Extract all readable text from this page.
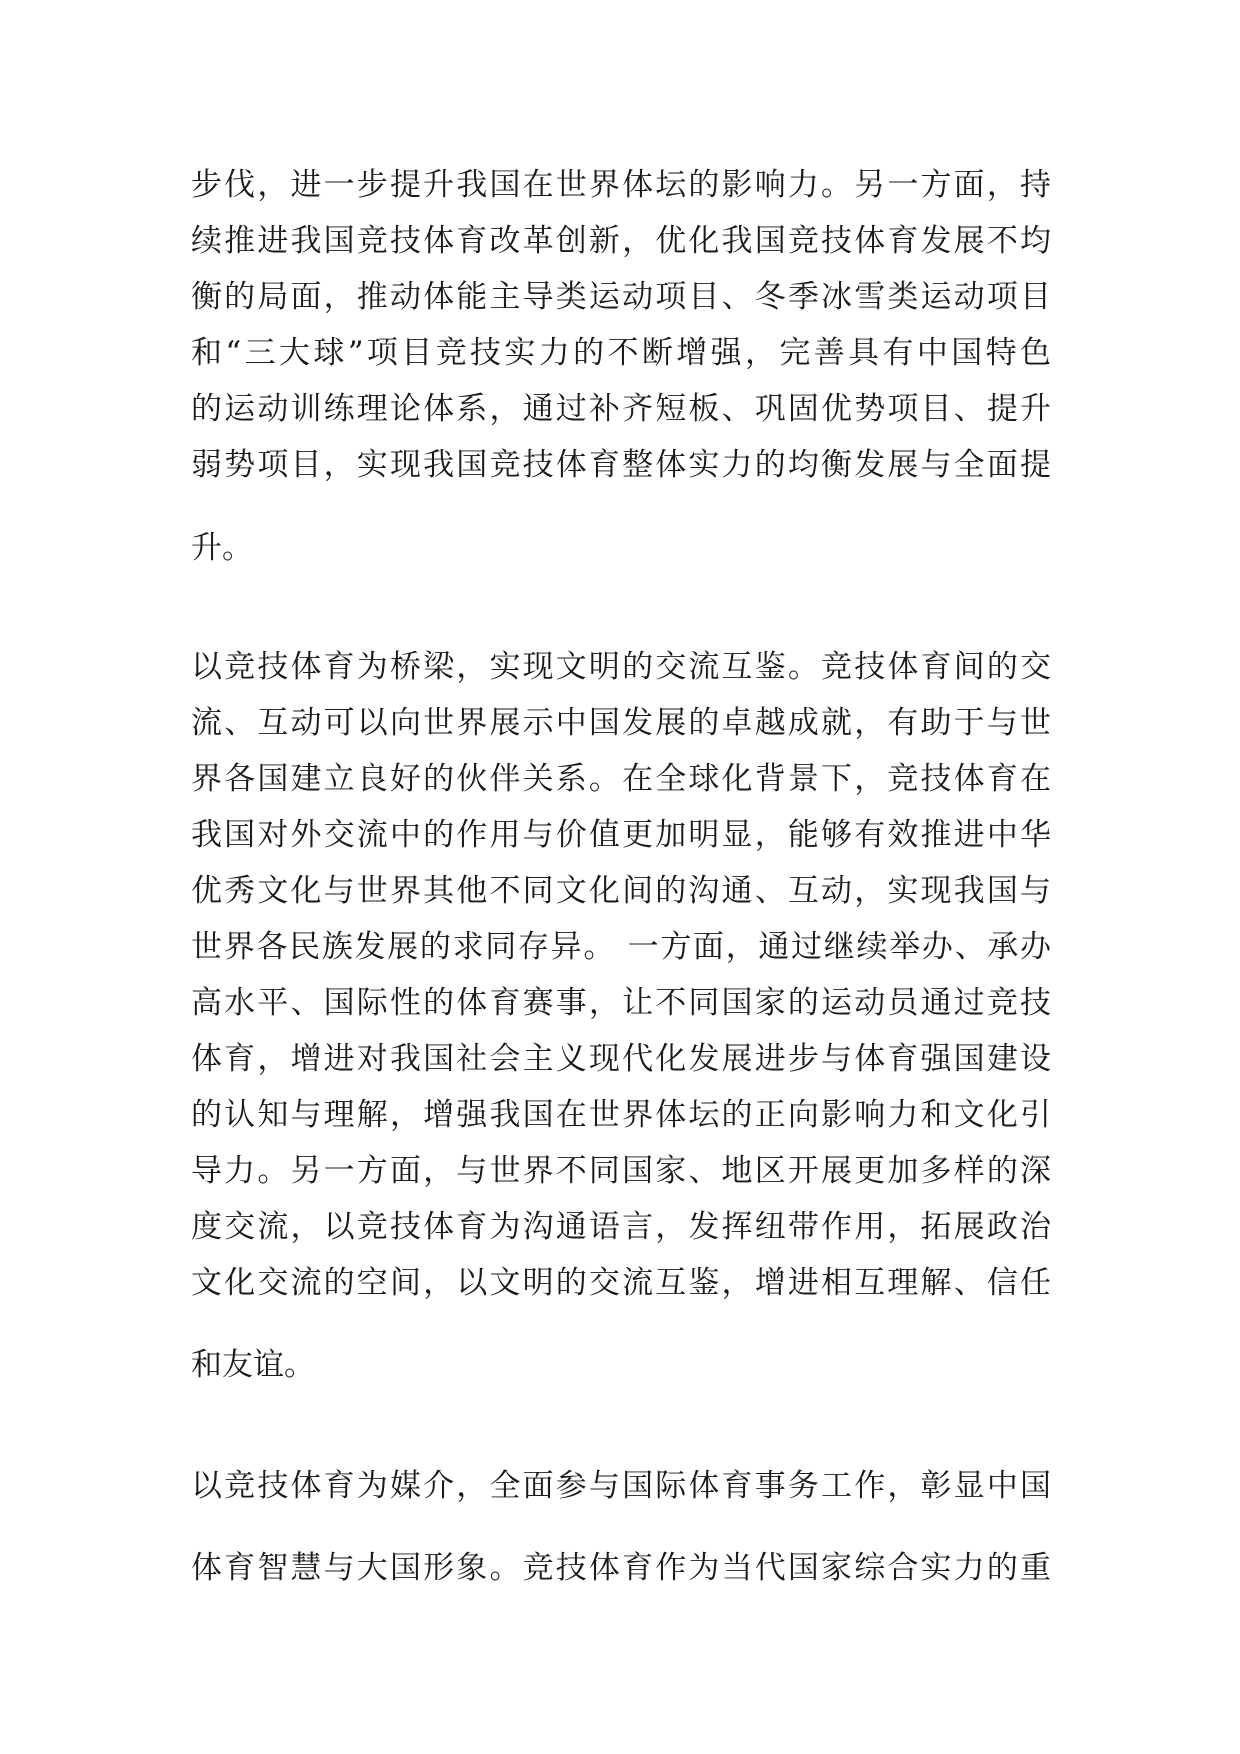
步伐，进一步提升我国在世界体坛的影响力。另一方面，持
续推进我国竞技体育改革创新，优化我国竞技体育发展不均
衡的局面，推动体能主导类运动项目、冬季冰雪类运动项目
和“三大球”项目竞技实力的不断增强，完善具有中国特色
的运动训练理论体系，通过补齐短板、巩固优势项目、提升
弱势项目，实现我国竞技体育整体实力的均衡发展与全面提
升。
以竞技体育为桥梁，实现文明的交流互鉴。竞技体育间的交
流、互动可以向世界展示中国发展的卓越成就，有助于与世
界各国建立良好的伙伴关系。在全球化背景下，竞技体育在
我国对外交流中的作用与价值更加明显，能够有效推进中华
优秀文化与世界其他不同文化间的沟通、互动，实现我国与
世界各民族发展的求同存异。 一方面，通过继续举办、承办
高水平、国际性的体育赛事，让不同国家的运动员通过竞技
体育，增进对我国社会主义现代化发展进步与体育强国建设
的认知与理解，增强我国在世界体坛的正向影响力和文化引
导力。另一方面，与世界不同国家、地区开展更加多样的深
度交流，以竞技体育为沟通语言，发挥纽带作用，拓展政治
文化交流的空间，以文明的交流互鉴，增进相互理解、信任
和友谊。
以竞技体育为媒介，全面参与国际体育事务工作，彰显中国
体育智慧与大国形象。竞技体育作为当代国家综合实力的重
